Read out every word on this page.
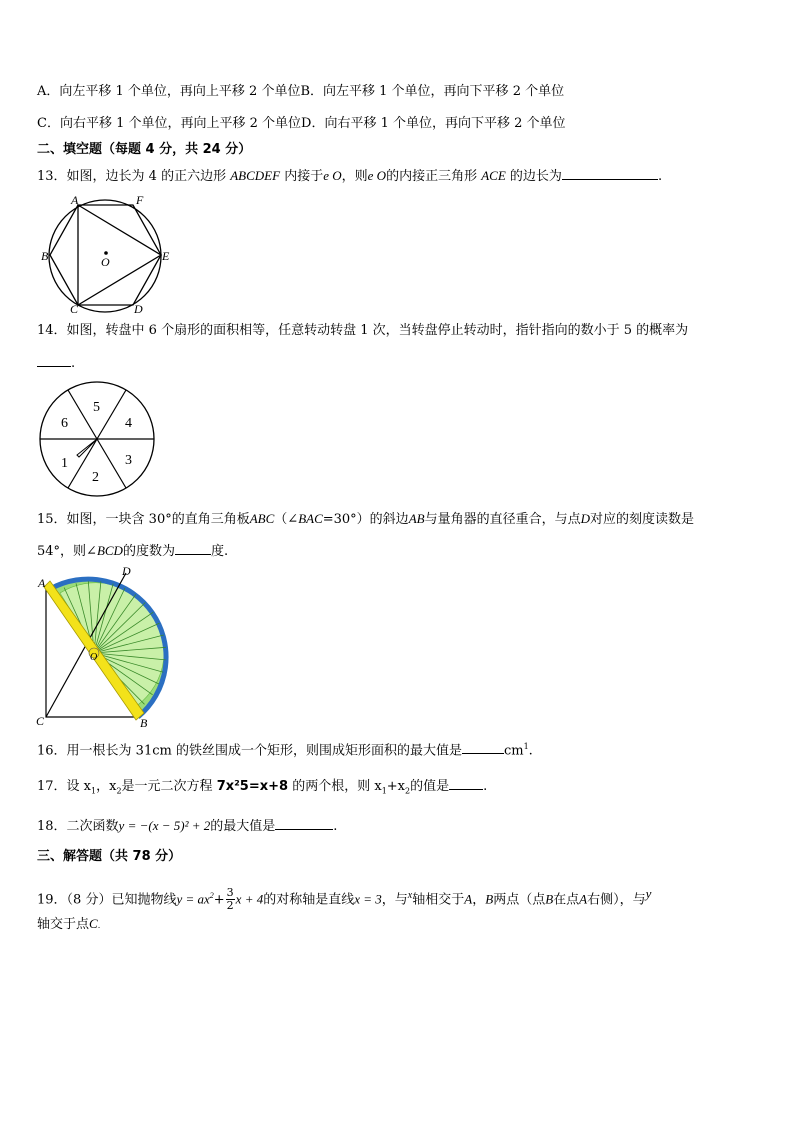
A．向左平移 1 个单位，再向上平移 2 个单位B．向左平移 1 个单位，再向下平移 2 个单位
C．向右平移 1 个单位，再向上平移 2 个单位D．向右平移 1 个单位，再向下平移 2 个单位
二、填空题（每题 4 分，共 24 分）
13．如图，边长为 4 的正六边形 ABCDEF 内接于e O，则e O的内接正三角形 ACE 的边长为	.
A	F
B	E
C	D
O
14．如图，转盘中 6 个扇形的面积相等，任意转动转盘 1 次，当转盘停止转动时，指针指向的数小于 5 的概率为
.
5
4
3
2
1
6
15．如图，一块含 30°的直角三角板ABC（∠BAC=30°）的斜边AB与量角器的直径重合，与点D对应的刻度读数是
54°，则∠BCD的度数为	度.
A
D
C	B
O
16．用一根长为 31cm 的铁丝围成一个矩形，则围成矩形面积的最大值是	$cm^1$.
17．设 $x_1$，$x_2$是一元二次方程 7x²5=x+8 的两个根，则 $x_1+x_2$的值是	.
18．二次函数y = −(x − 5)² + 2的最大值是	.
三、解答题（共 78 分）
19．（8 分）已知抛物线$y = ax^2+ \frac{3}{2}$ x + 4的对称轴是直线x = 3，与$^x$轴相交于A，B两点（点B在点A右侧），与y
轴交于点C.
